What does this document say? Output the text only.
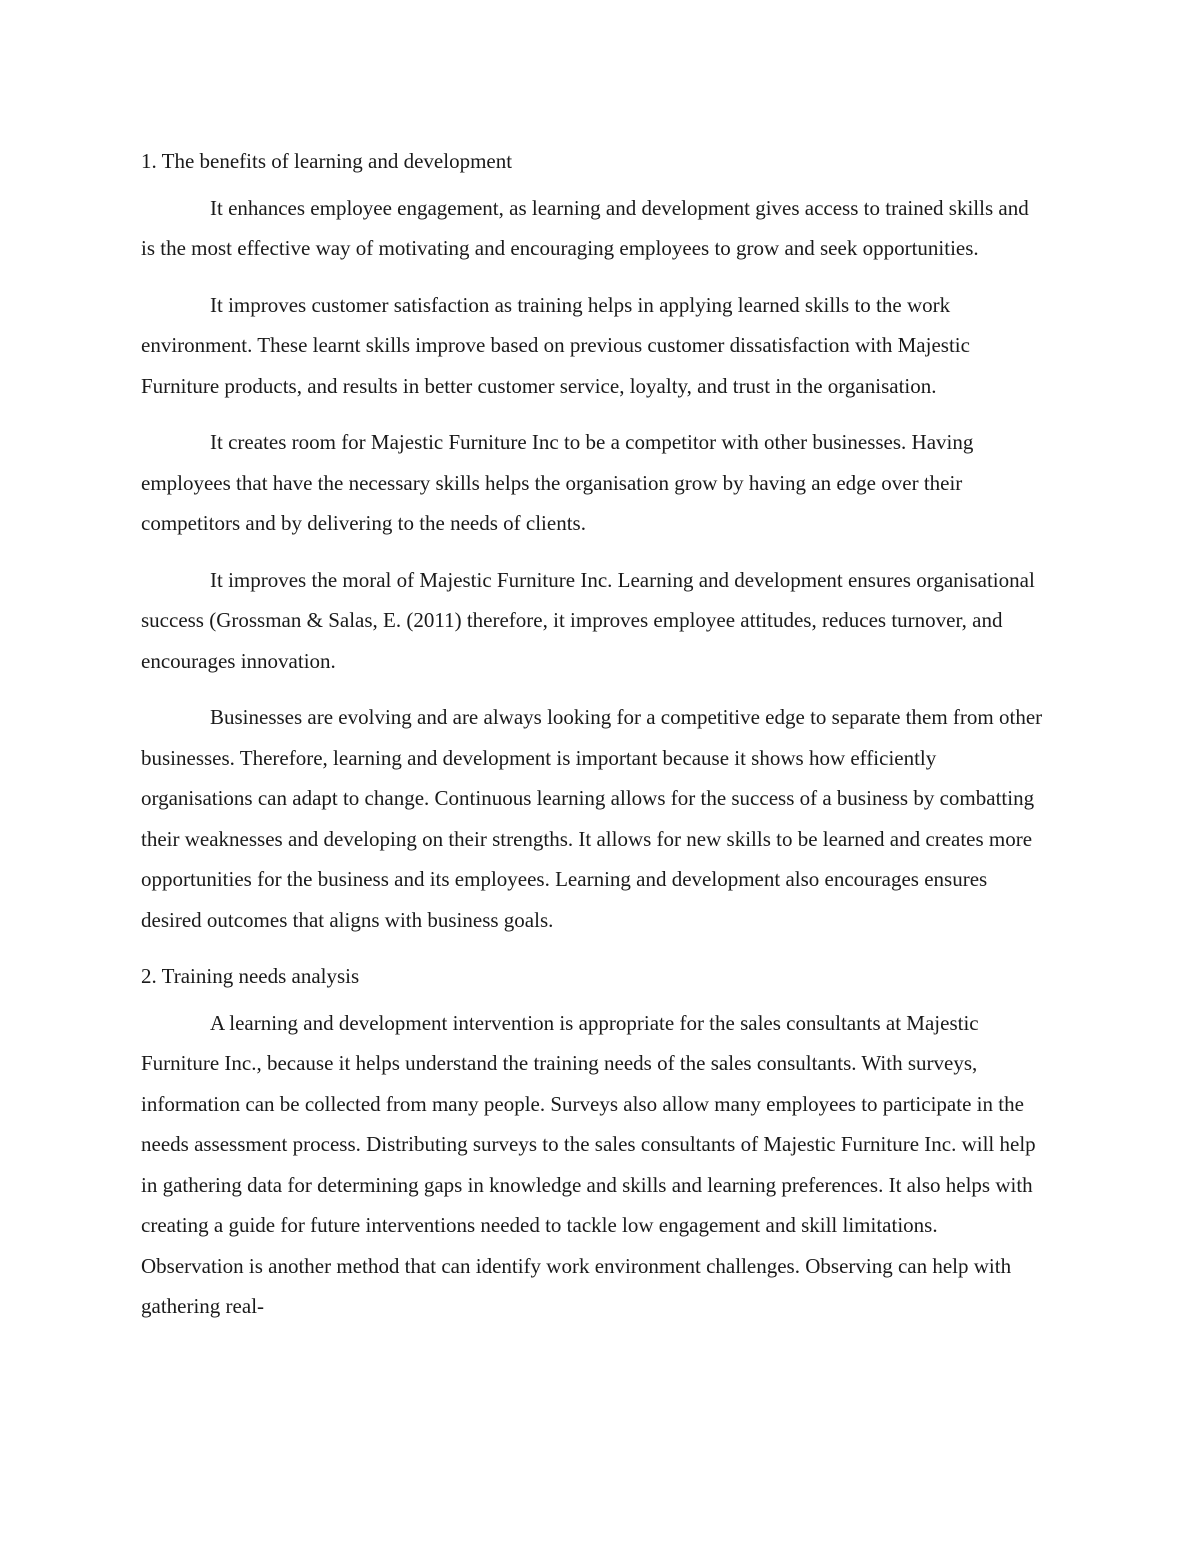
1. The benefits of learning and development

It enhances employee engagement, as learning and development gives access to trained skills and is the most effective way of motivating and encouraging employees to grow and seek opportunities.

It improves customer satisfaction as training helps in applying learned skills to the work environment. These learnt skills improve based on previous customer dissatisfaction with Majestic Furniture products, and results in better customer service, loyalty, and trust in the organisation.

It creates room for Majestic Furniture Inc to be a competitor with other businesses. Having employees that have the necessary skills helps the organisation grow by having an edge over their competitors and by delivering to the needs of clients.

It improves the moral of Majestic Furniture Inc. Learning and development ensures organisational success (Grossman & Salas, E. (2011) therefore, it improves employee attitudes, reduces turnover, and encourages innovation.

Businesses are evolving and are always looking for a competitive edge to separate them from other businesses. Therefore, learning and development is important because it shows how efficiently organisations can adapt to change. Continuous learning allows for the success of a business by combatting their weaknesses and developing on their strengths. It allows for new skills to be learned and creates more opportunities for the business and its employees. Learning and development also encourages ensures desired outcomes that aligns with business goals.

2. Training needs analysis

A learning and development intervention is appropriate for the sales consultants at Majestic Furniture Inc., because it helps understand the training needs of the sales consultants. With surveys, information can be collected from many people. Surveys also allow many employees to participate in the needs assessment process. Distributing surveys to the sales consultants of Majestic Furniture Inc. will help in gathering data for determining gaps in knowledge and skills and learning preferences. It also helps with creating a guide for future interventions needed to tackle low engagement and skill limitations. Observation is another method that can identify work environment challenges. Observing can help with gathering real-
